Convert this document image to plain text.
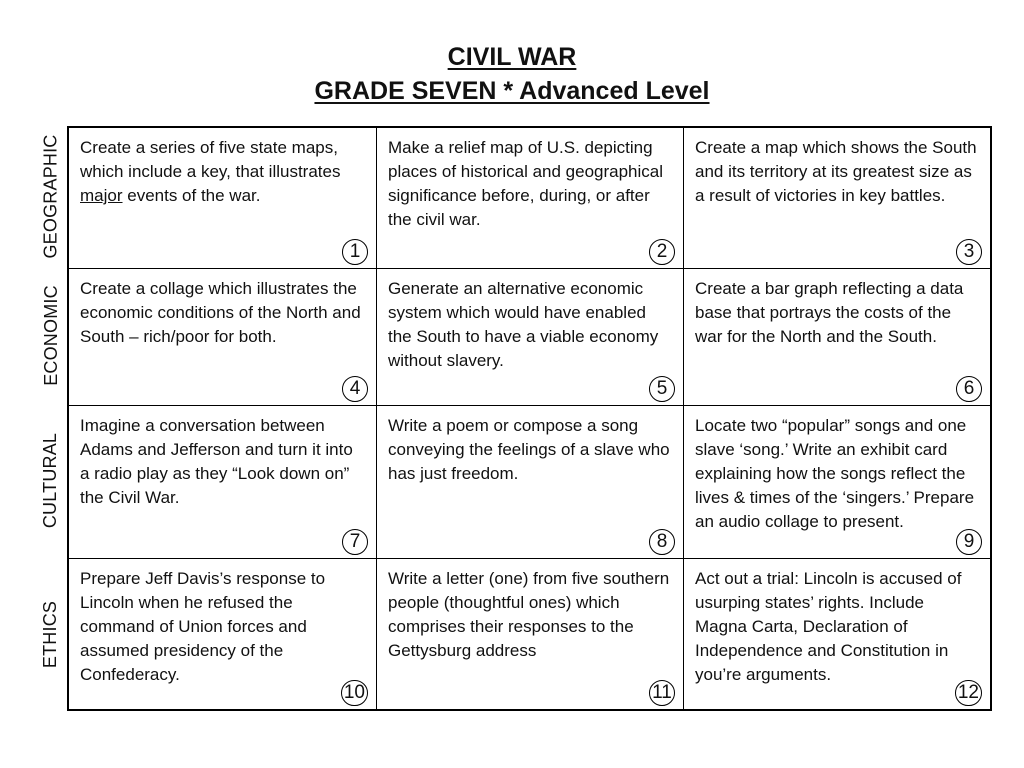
CIVIL WAR
GRADE SEVEN * Advanced Level
GEOGRAPHIC
ECONOMIC
CULTURAL
ETHICS
Create a series of five state maps, which include a key, that illustrates major events of the war.
1
Make a relief map of U.S. depicting places of historical and geographical significance before, during, or after the civil war.
2
Create a map which shows the South and its territory at its greatest size as a result of victories in key battles.
3
Create a collage which illustrates the economic conditions of the North and South – rich/poor for both.
4
Generate an alternative economic system which would have enabled the South to have a viable economy without slavery.
5
Create a bar graph reflecting a data base that portrays the costs of the war for the North and the South.
6
Imagine a conversation between Adams and Jefferson and turn it into a radio play as they “Look down on” the Civil War.
7
Write a poem or compose a song conveying the feelings of a slave who has just freedom.
8
Locate two “popular” songs and one slave ‘song.’ Write an exhibit card explaining how the songs reflect the lives & times of the ‘singers.’ Prepare an audio collage to present.
9
Prepare Jeff Davis’s response to Lincoln when he refused the command of Union forces and assumed presidency of the Confederacy.
10
Write a letter (one) from five southern people (thoughtful ones) which comprises their responses to the Gettysburg address
11
Act out a trial: Lincoln is accused of usurping states’ rights. Include Magna Carta, Declaration of Independence and Constitution in you’re arguments.
12
